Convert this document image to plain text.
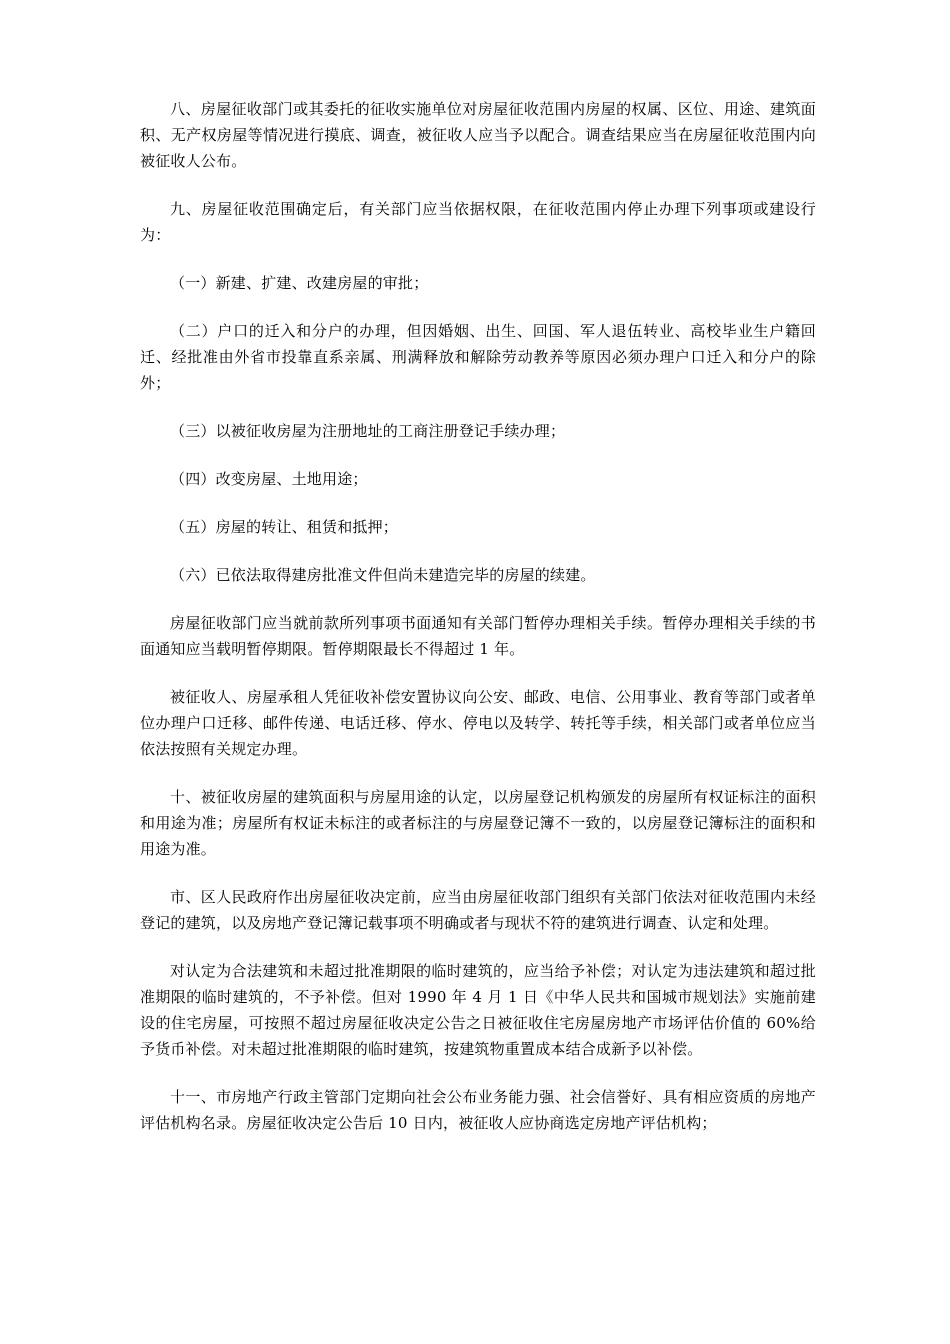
八、房屋征收部门或其委托的征收实施单位对房屋征收范围内房屋的权属、区位、用途、建筑面积、无产权房屋等情况进行摸底、调查，被征收人应当予以配合。调查结果应当在房屋征收范围内向被征收人公布。

九、房屋征收范围确定后，有关部门应当依据权限，在征收范围内停止办理下列事项或建设行为：

（一）新建、扩建、改建房屋的审批；

（二）户口的迁入和分户的办理，但因婚姻、出生、回国、军人退伍转业、高校毕业生户籍回迁、经批准由外省市投靠直系亲属、刑满释放和解除劳动教养等原因必须办理户口迁入和分户的除外；

（三）以被征收房屋为注册地址的工商注册登记手续办理；

（四）改变房屋、土地用途；

（五）房屋的转让、租赁和抵押；

（六）已依法取得建房批准文件但尚未建造完毕的房屋的续建。

房屋征收部门应当就前款所列事项书面通知有关部门暂停办理相关手续。暂停办理相关手续的书面通知应当载明暂停期限。暂停期限最长不得超过 1 年。

被征收人、房屋承租人凭征收补偿安置协议向公安、邮政、电信、公用事业、教育等部门或者单位办理户口迁移、邮件传递、电话迁移、停水、停电以及转学、转托等手续，相关部门或者单位应当依法按照有关规定办理。

十、被征收房屋的建筑面积与房屋用途的认定，以房屋登记机构颁发的房屋所有权证标注的面积和用途为准；房屋所有权证未标注的或者标注的与房屋登记簿不一致的，以房屋登记簿标注的面积和用途为准。

市、区人民政府作出房屋征收决定前，应当由房屋征收部门组织有关部门依法对征收范围内未经登记的建筑，以及房地产登记簿记载事项不明确或者与现状不符的建筑进行调查、认定和处理。

对认定为合法建筑和未超过批准期限的临时建筑的，应当给予补偿；对认定为违法建筑和超过批准期限的临时建筑的，不予补偿。但对 1990 年 4 月 1 日《中华人民共和国城市规划法》实施前建设的住宅房屋，可按照不超过房屋征收决定公告之日被征收住宅房屋房地产市场评估价值的 60%给予货币补偿。对未超过批准期限的临时建筑，按建筑物重置成本结合成新予以补偿。

十一、市房地产行政主管部门定期向社会公布业务能力强、社会信誉好、具有相应资质的房地产评估机构名录。房屋征收决定公告后 10 日内，被征收人应协商选定房地产评估机构；
